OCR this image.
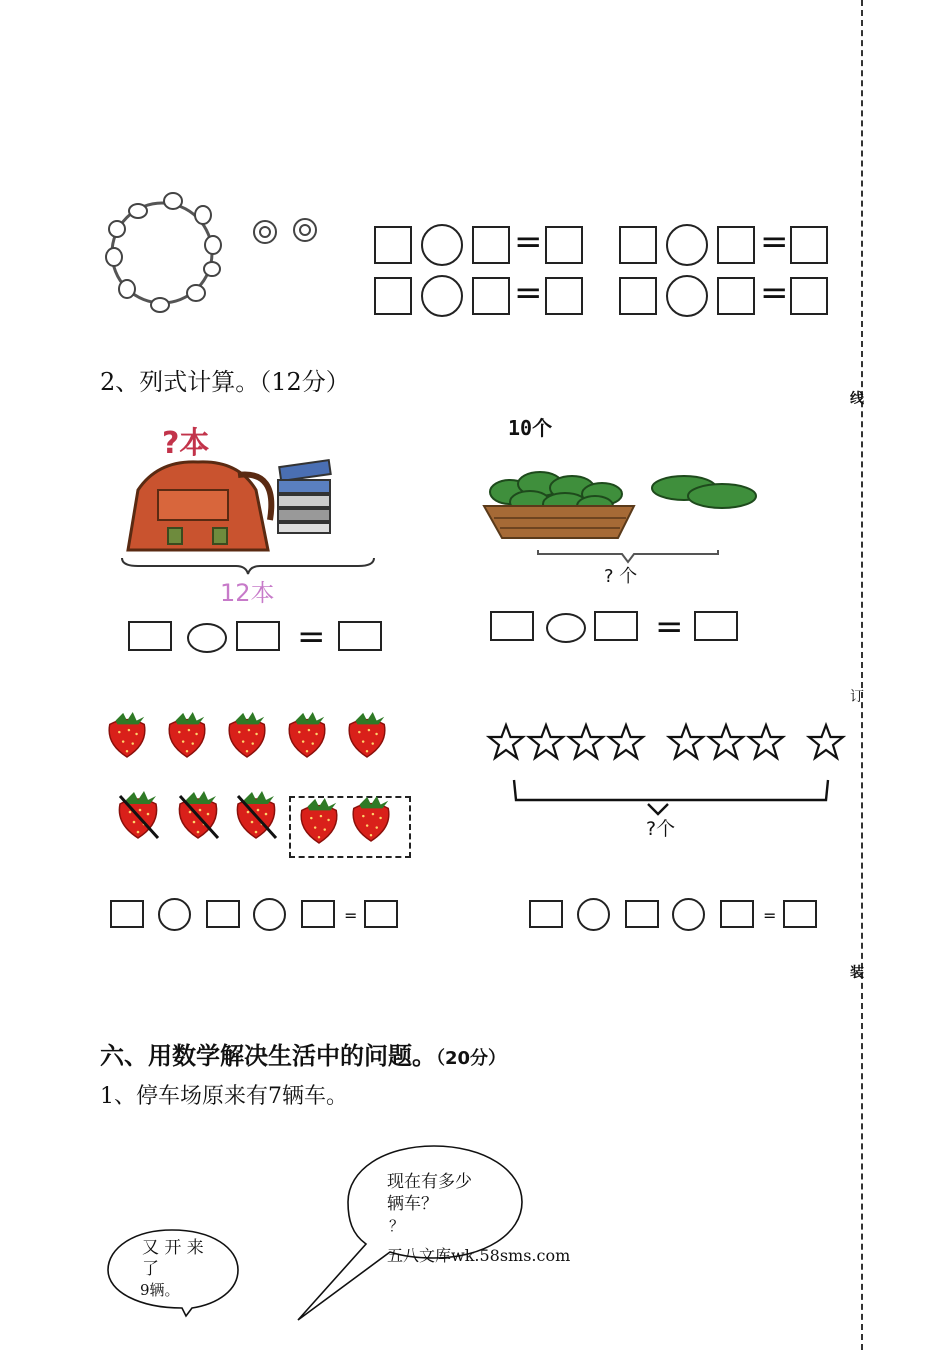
线
订
装
=	=
=	=
2、列式计算。（12分）
?本
12本
=
10个
? 个
=
?个
=	=
六、用数学解决生活中的问题。（20分）
1、停车场原来有7辆车。
又 开 来
了
9辆。
现在有多少
辆车？
？
五八文库wk.58sms.com
